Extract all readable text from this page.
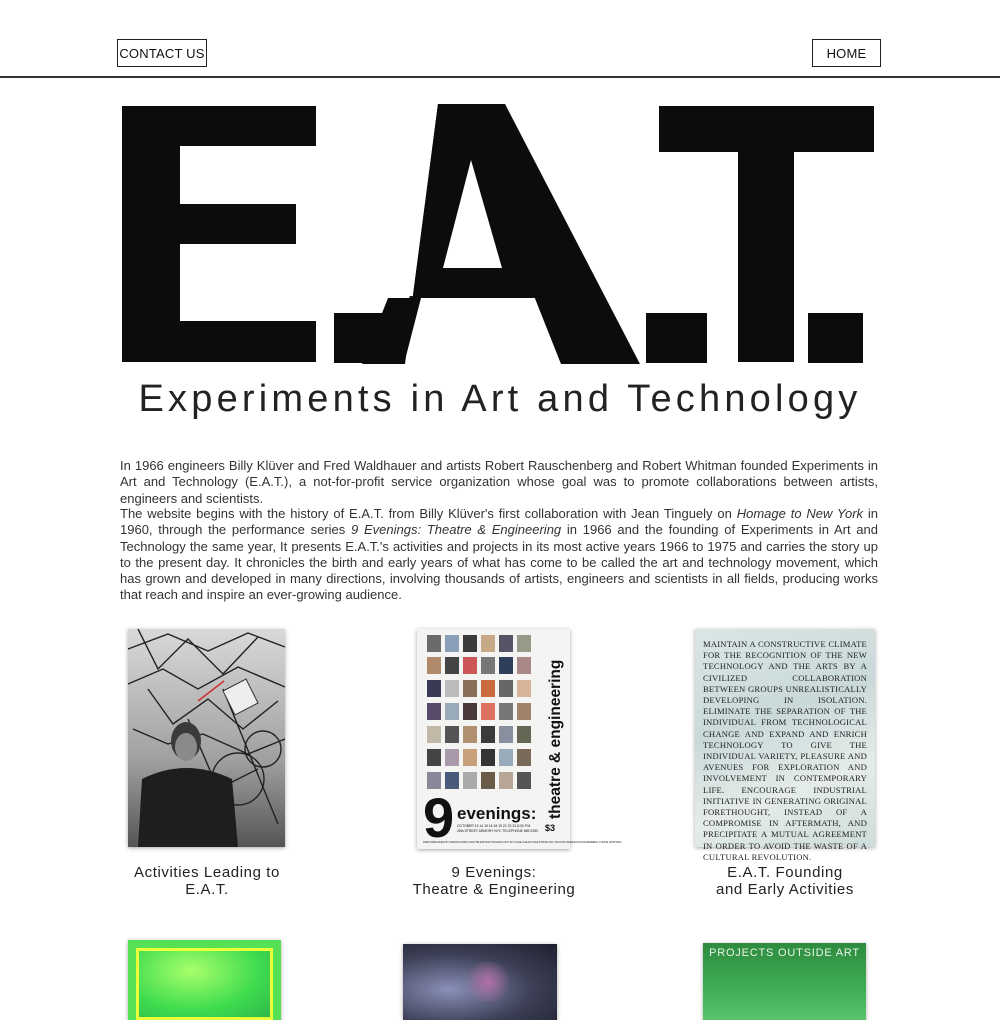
CONTACT US	HOME
Experiments in Art and Technology

In 1966 engineers Billy Klüver and Fred Waldhauer and artists Robert Rauschenberg and Robert Whitman founded Experiments in Art and Technology (E.A.T.), a not-for-profit service organization whose goal was to promote collaborations between artists, engineers and scientists.

The website begins with the history of E.A.T. from Billy Klüver's first collaboration with Jean Tinguely on Homage to New York in 1960, through the performance series 9 Evenings: Theatre & Engineering in 1966 and the founding of Experiments in Art and Technology the same year, It presents E.A.T.'s activities and projects in its most active years 1966 to 1975 and carries the story up to the present day. It chronicles the birth and early years of what has come to be called the art and technology movement, which has grown and developed in many directions, involving thousands of artists, engineers and scientists in all fields, producing works that reach and inspire an ever-growing audience.

Activities Leading to
E.A.T.
9 evenings: theatre & engineering
OCTOBER 13 14 15 16 18 19 21 22 23 8:30 P.M.
25th STREET ARMORY NYC TELEPHONE 889 2250 $3
PERFORMANCES BY DANCE MUSIC FILM TELEVISION TECHNOLOGY BY CAGE CHILDS FAHLSTROM HAY PAXTON RAINER RAUSCHENBERG TUDOR WHITMAN
9 Evenings:
Theatre & Engineering
MAINTAIN A CONSTRUCTIVE CLIMATE FOR THE RECOGNITION OF THE NEW TECHNOLOGY AND THE ARTS BY A CIVILIZED COLLABORATION BETWEEN GROUPS UNREALISTICALLY DEVELOPING IN ISOLATION. ELIMINATE THE SEPARATION OF THE INDIVIDUAL FROM TECHNOLOGICAL CHANGE AND EXPAND AND ENRICH TECHNOLOGY TO GIVE THE INDIVIDUAL VARIETY, PLEASURE AND AVENUES FOR EXPLORATION AND INVOLVEMENT IN CONTEMPORARY LIFE. ENCOURAGE INDUSTRIAL INITIATIVE IN GENERATING ORIGINAL FORETHOUGHT, INSTEAD OF A COMPROMISE IN AFTERMATH, AND PRECIPITATE A MUTUAL AGREEMENT IN ORDER TO AVOID THE WASTE OF A CULTURAL REVOLUTION.
E.A.T. Founding
and Early Activities
PROJECTS OUTSIDE ART
